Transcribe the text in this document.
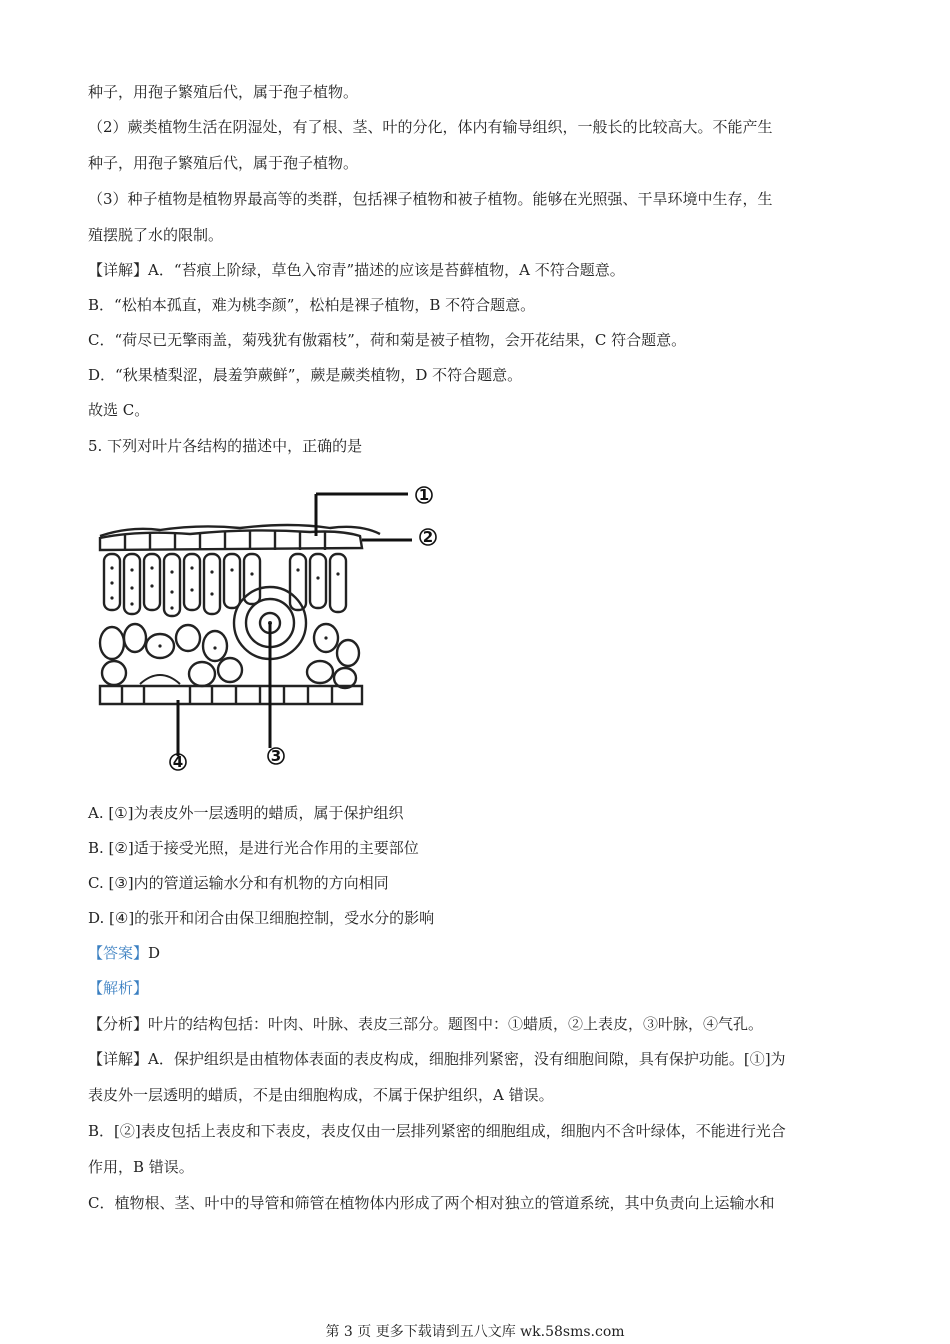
种子，用孢子繁殖后代，属于孢子植物。
（2）蕨类植物生活在阴湿处，有了根、茎、叶的分化，体内有输导组织，一般长的比较高大。不能产生
种子，用孢子繁殖后代，属于孢子植物。
（3）种子植物是植物界最高等的类群，包括裸子植物和被子植物。能够在光照强、干旱环境中生存，生
殖摆脱了水的限制。
【详解】A．“苔痕上阶绿，草色入帘青”描述的应该是苔藓植物，A 不符合题意。
B．“松柏本孤直，难为桃李颜”，松柏是裸子植物，B 不符合题意。
C．“荷尽已无擎雨盖，菊残犹有傲霜枝”，荷和菊是被子植物，会开花结果，C 符合题意。
D．“秋果楂梨涩，晨羞笋蕨鲜”，蕨是蕨类植物，D 不符合题意。
故选 C。
5. 下列对叶片各结构的描述中，正确的是
1
2
3
4
A. [①]为表皮外一层透明的蜡质，属于保护组织
B. [②]适于接受光照，是进行光合作用的主要部位
C. [③]内的管道运输水分和有机物的方向相同
D. [④]的张开和闭合由保卫细胞控制，受水分的影响
【答案】D
【解析】
【分析】叶片的结构包括：叶肉、叶脉、表皮三部分。题图中：①蜡质，②上表皮，③叶脉，④气孔。
【详解】A．保护组织是由植物体表面的表皮构成，细胞排列紧密，没有细胞间隙，具有保护功能。[①]为
表皮外一层透明的蜡质，不是由细胞构成，不属于保护组织，A 错误。
B．[②]表皮包括上表皮和下表皮，表皮仅由一层排列紧密的细胞组成，细胞内不含叶绿体，不能进行光合
作用，B 错误。
C．植物根、茎、叶中的导管和筛管在植物体内形成了两个相对独立的管道系统，其中负责向上运输水和
第 3 页 更多下载请到五八文库 wk.58sms.com
